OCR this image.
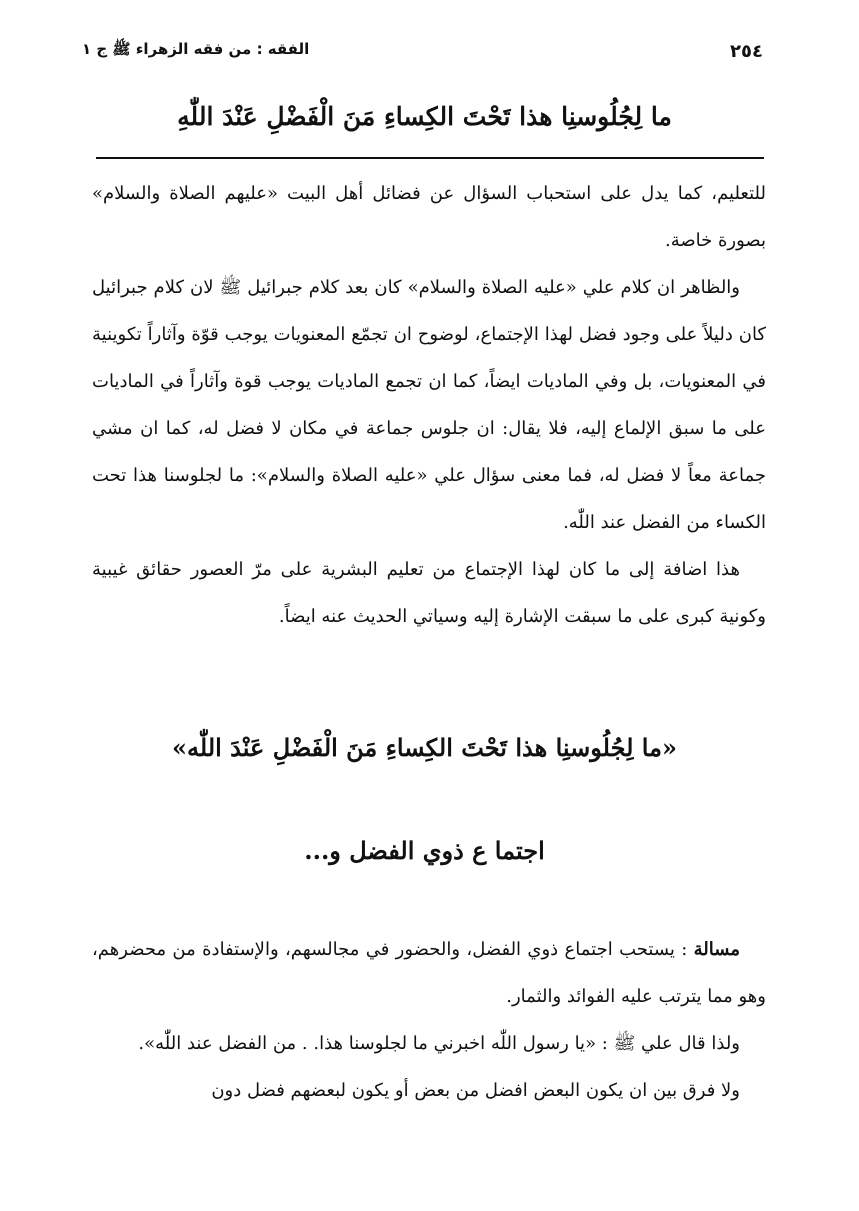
الفقه : من فقه الزهراء ﷺ ج ١	٢٥٤
ما لِجُلُوسنِا هذا تَحْتَ الكِساءِ مَنَ الْفَضْلِ عَنْدَ اللّٰهِ

للتعليم، كما يدل على استحباب السؤال عن فضائل أهل البيت «عليهم الصلاة والسلام» بصورة خاصة.

والظاهر ان كلام علي «عليه الصلاة والسلام» كان بعد كلام جبرائيل ﷺ لان كلام جبرائيل كان دليلاً على وجود فضل لهذا الإجتماع، لوضوح ان تجمّع المعنويات يوجب قوّة وآثاراً تكوينية في المعنويات، بل وفي الماديات ايضاً، كما ان تجمع الماديات يوجب قوة وآثاراً في الماديات على ما سبق الإلماع إليه، فلا يقال: ان جلوس جماعة في مكان لا فضل له، كما ان مشي جماعة معاً لا فضل له، فما معنى سؤال علي «عليه الصلاة والسلام»: ما لجلوسنا هذا تحت الكساء من الفضل عند اللّٰه.

هذا اضافة إلى ما كان لهذا الإجتماع من تعليم البشرية على مرّ العصور حقائق غيبية وكونية كبرى على ما سبقت الإشارة إليه وسياتي الحديث عنه ايضاً.

«ما لِجُلُوسنِا هذا تَحْتَ الكِساءِ مَنَ الْفَضْلِ عَنْدَ اللّٰه»
اجتما ع ذوي الفضل و...

مسالة : يستحب اجتماع ذوي الفضل، والحضور في مجالسهم، والإستفادة من محضرهم، وهو مما يترتب عليه الفوائد والثمار.

ولذا قال علي ﷺ : «يا رسول اللّٰه اخبرني ما لجلوسنا هذا. . من الفضل عند اللّٰه».

ولا فرق بين ان يكون البعض افضل من بعض أو يكون لبعضهم فضل دون
